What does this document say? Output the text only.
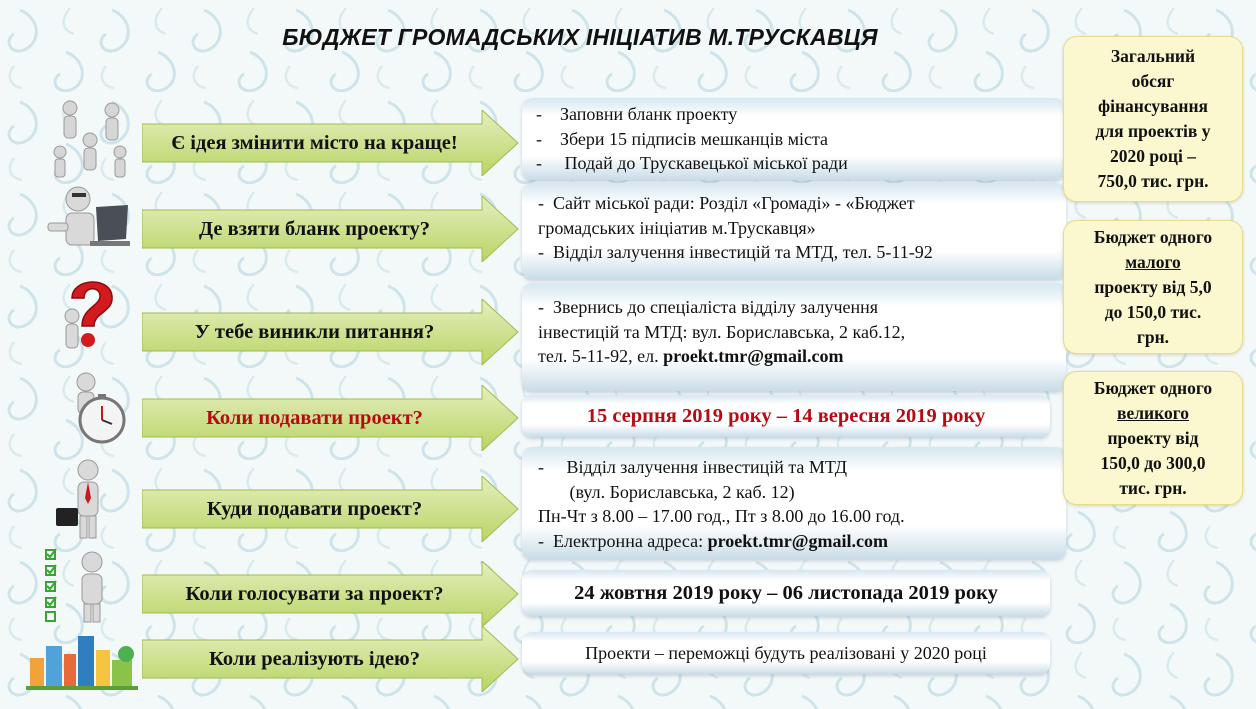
БЮДЖЕТ ГРОМАДСЬКИХ ІНІЦІАТИВ М.ТРУСКАВЦЯ
Є ідея змінити місто на краще!
-    Заповни бланк проекту
-    Збери 15 підписів мешканців міста
-     Подай до Трускавецької міської ради
Де взяти бланк проекту?
-  Сайт міської ради: Розділ «Громаді» - «Бюджет
громадських ініціатив м.Трускавця»
-  Відділ залучення інвестицій та МТД, тел. 5-11-92
У тебе виникли питання?
-  Звернись до спеціаліста відділу залучення
інвестицій та МТД: вул. Бориславська, 2 каб.12,
тел. 5-11-92, ел. proekt.tmr@gmail.com
Коли подавати проект?	15 серпня 2019 року – 14 вересня 2019 року
Куди подавати проект?
-     Відділ залучення інвестицій та МТД
(вул. Бориславська, 2 каб. 12)
Пн-Чт з 8.00 – 17.00 год., Пт з 8.00 до 16.00 год.
-  Електронна адреса: proekt.tmr@gmail.com
Коли голосувати за проект?	24 жовтня 2019 року – 06 листопада 2019 року
Коли реалізують ідею?	Проекти – переможці будуть реалізовані у 2020 році
Загальний
обсяг
фінансування
для проектів у
2020 році –
750,0 тис. грн.
Бюджет одного
малого
проекту від 5,0
до 150,0 тис.
грн.
Бюджет одного
великого
проекту від
150,0 до 300,0
тис. грн.
